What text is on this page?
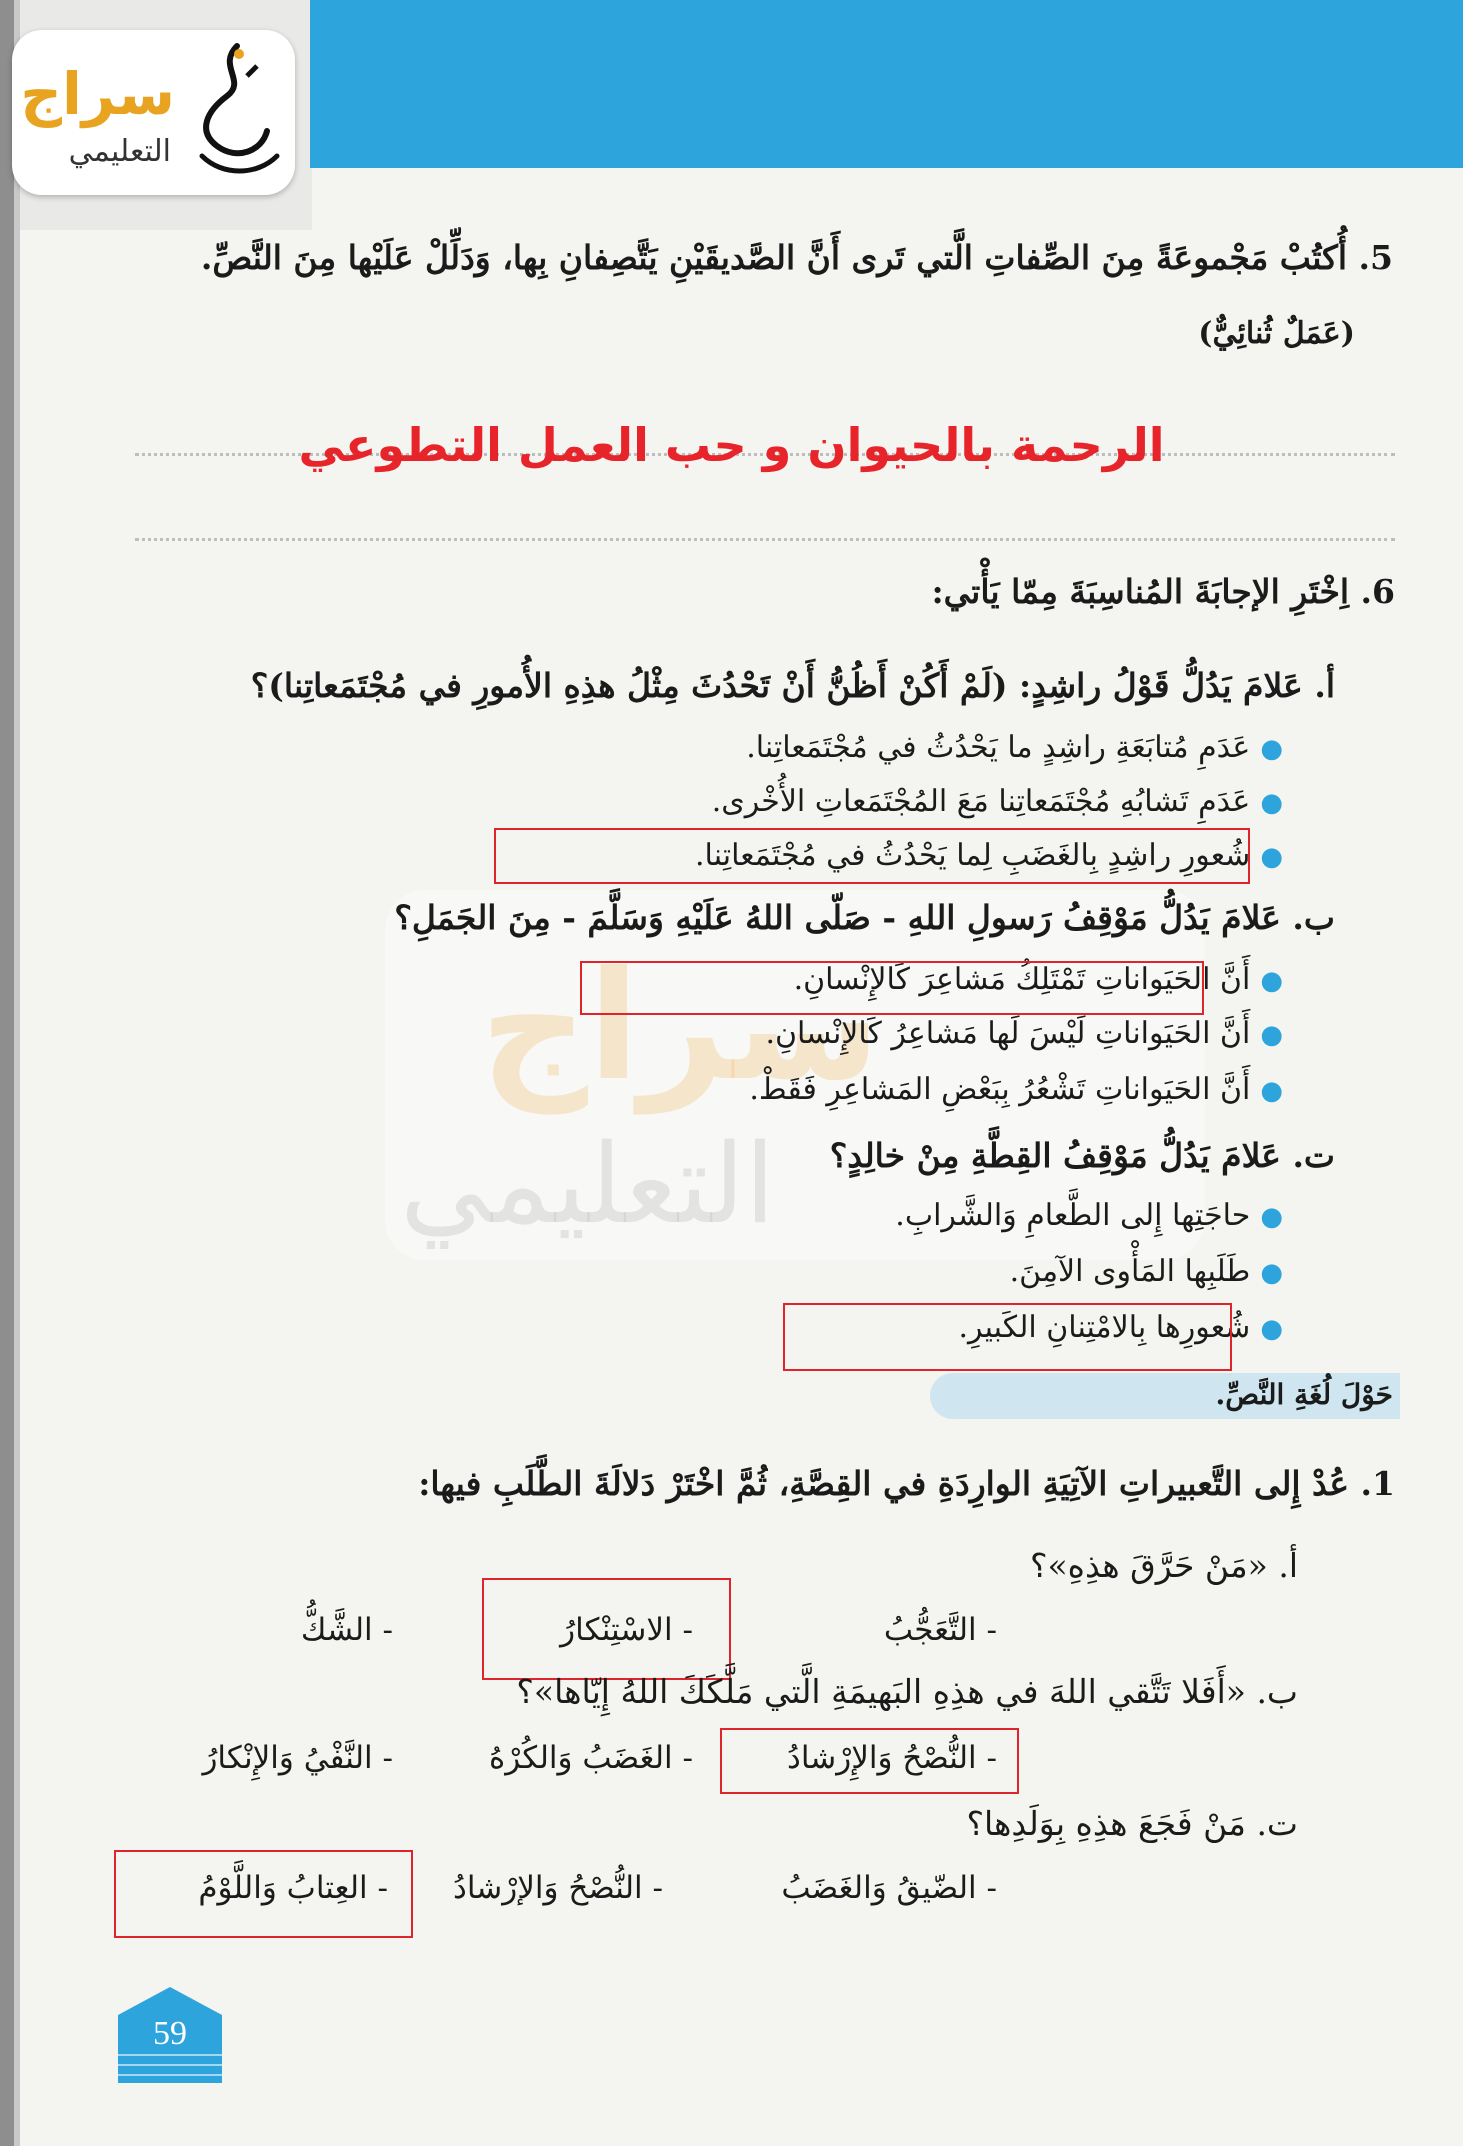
سراج
التعليمي
5. أُكتُبْ مَجْموعَةً مِنَ الصِّفاتِ الَّتي تَرى أَنَّ الصَّديقَيْنِ يَتَّصِفانِ بِها، وَدَلِّلْ عَلَيْها مِنَ النَّصِّ.
(عَمَلٌ ثُنائِيٌّ)
الرحمة بالحيوان و حب العمل التطوعي
سراج
التعليمي
6. اِخْتَرِ الإجابَةَ المُناسِبَةَ مِمّا يَأْتي:
أ. عَلامَ يَدُلُّ قَوْلُ راشِدٍ: (لَمْ أَكُنْ أَظُنُّ أَنْ تَحْدُثَ مِثْلُ هذِهِ الأُمورِ في مُجْتَمَعاتِنا)؟
●عَدَمِ مُتابَعَةِ راشِدٍ ما يَحْدُثُ في مُجْتَمَعاتِنا.
●عَدَمِ تَشابُهِ مُجْتَمَعاتِنا مَعَ المُجْتَمَعاتِ الأُخْرى.
●شُعورِ راشِدٍ بِالغَضَبِ لِما يَحْدُثُ في مُجْتَمَعاتِنا.
ب. عَلامَ يَدُلُّ مَوْقِفُ رَسولِ اللهِ - صَلّى اللهُ عَلَيْهِ وَسَلَّمَ - مِنَ الجَمَلِ؟
●أَنَّ الحَيَواناتِ تَمْتَلِكُ مَشاعِرَ كَالإِنْسانِ.
●أَنَّ الحَيَواناتِ لَيْسَ لَها مَشاعِرُ كَالإِنْسانِ.
●أَنَّ الحَيَواناتِ تَشْعُرُ بِبَعْضِ المَشاعِرِ فَقَطْ.
ت. عَلامَ يَدُلُّ مَوْقِفُ القِطَّةِ مِنْ خالِدٍ؟
●حاجَتِها إِلى الطَّعامِ وَالشَّرابِ.
●طَلَبِها المَأْوى الآمِنَ.
●شُعورِها بِالامْتِنانِ الكَبيرِ.
حَوْلَ لُغَةِ النَّصِّ.
1. عُدْ إِلى التَّعبيراتِ الآتِيَةِ الوارِدَةِ في القِصَّةِ، ثُمَّ اخْتَرْ دَلالَةَ الطَّلَبِ فيها:
أ. «مَنْ حَرَّقَ هذِهِ»؟
- التَّعَجُّبُ
- الاسْتِنْكارُ
- الشَّكُّ
ب. «أَفَلا تَتَّقي اللهَ في هذِهِ البَهيمَةِ الَّتي مَلَّكَكَ اللهُ إِيّاها»؟
- النُّصْحُ وَالإِرْشادُ
- الغَضَبُ وَالكُرْهُ
- النَّفْيُ وَالإِنْكارُ
ت. مَنْ فَجَعَ هذِهِ بِوَلَدِها؟
- الضّيقُ وَالغَضَبُ
- النُّصْحُ وَالإرْشادُ
- العِتابُ وَاللَّوْمُ
59
